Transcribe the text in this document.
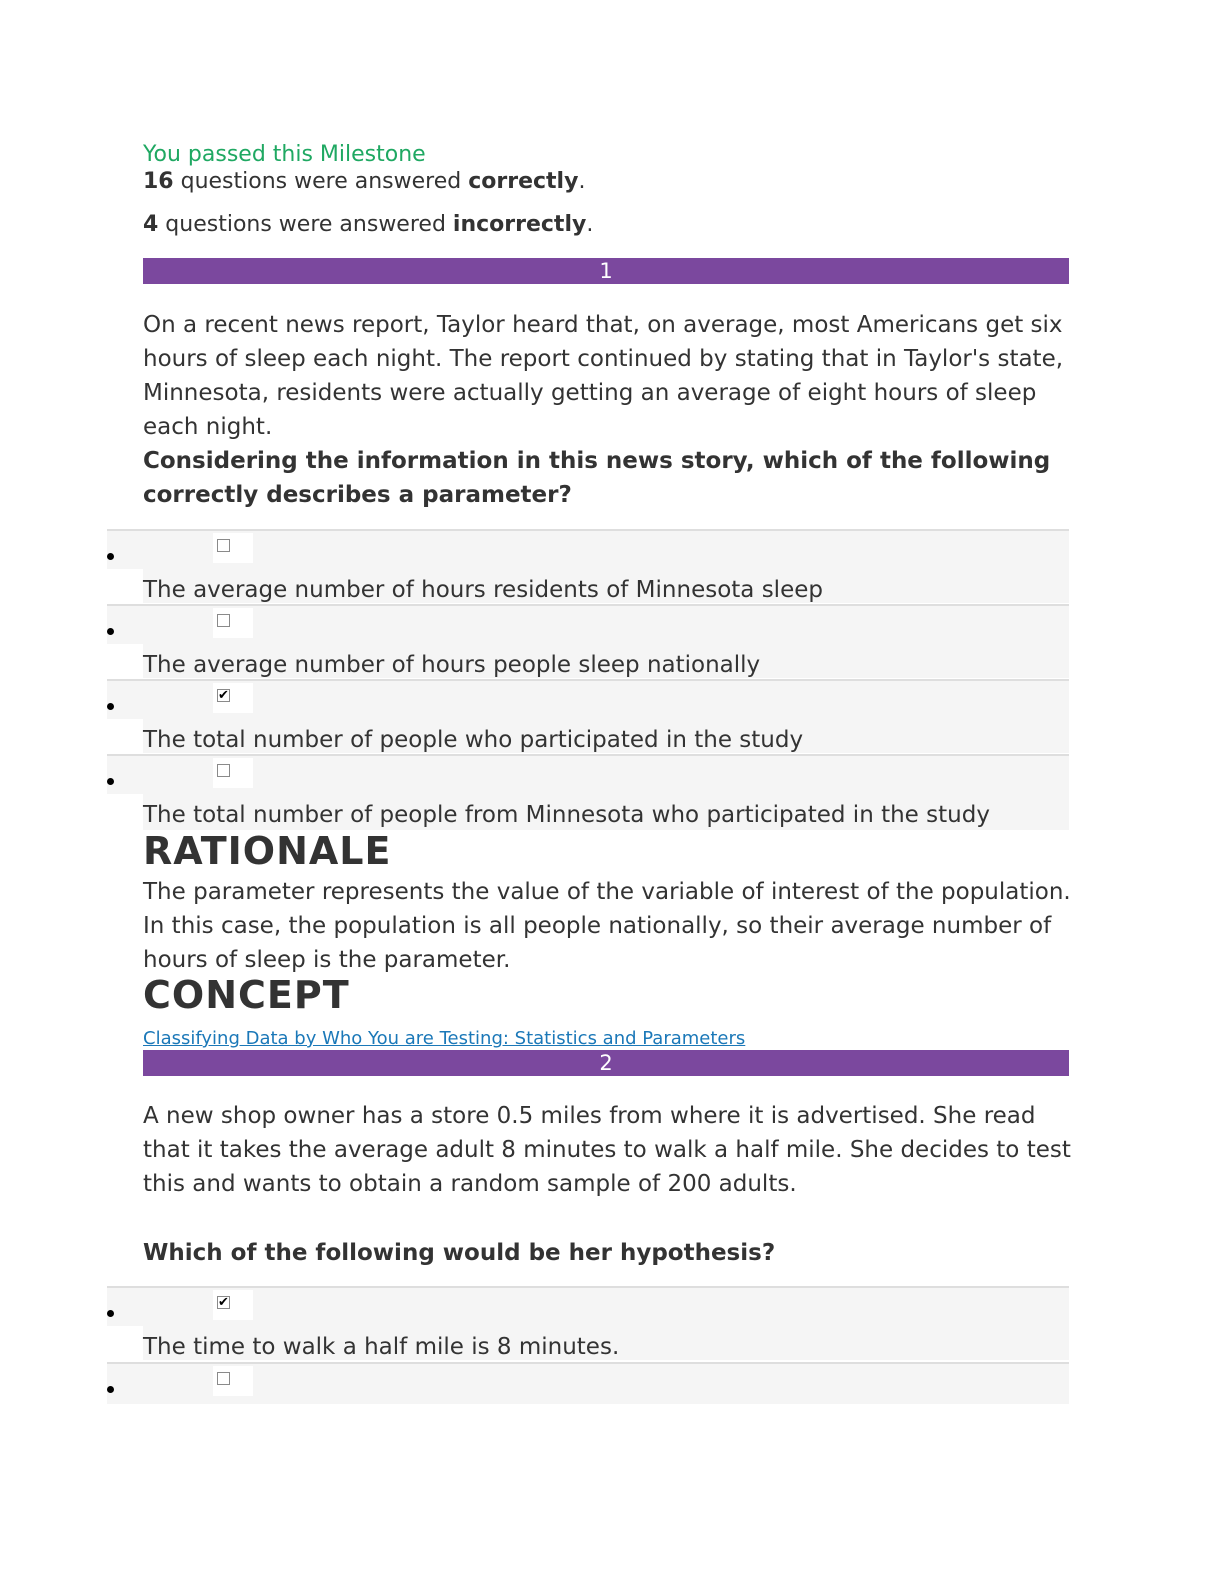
You passed this Milestone
16 questions were answered correctly.
4 questions were answered incorrectly.
1
On a recent news report, Taylor heard that, on average, most Americans get six hours of sleep each night. The report continued by stating that in Taylor's state, Minnesota, residents were actually getting an average of eight hours of sleep each night.
Considering the information in this news story, which of the following correctly describes a parameter?
The average number of hours residents of Minnesota sleep
The average number of hours people sleep nationally
✔
The total number of people who participated in the study
The total number of people from Minnesota who participated in the study
RATIONALE
The parameter represents the value of the variable of interest of the population. In this case, the population is all people nationally, so their average number of hours of sleep is the parameter.
CONCEPT
Classifying Data by Who You are Testing: Statistics and Parameters
2
A new shop owner has a store 0.5 miles from where it is advertised. She read that it takes the average adult 8 minutes to walk a half mile. She decides to test this and wants to obtain a random sample of 200 adults.
Which of the following would be her hypothesis?
✔
The time to walk a half mile is 8 minutes.
